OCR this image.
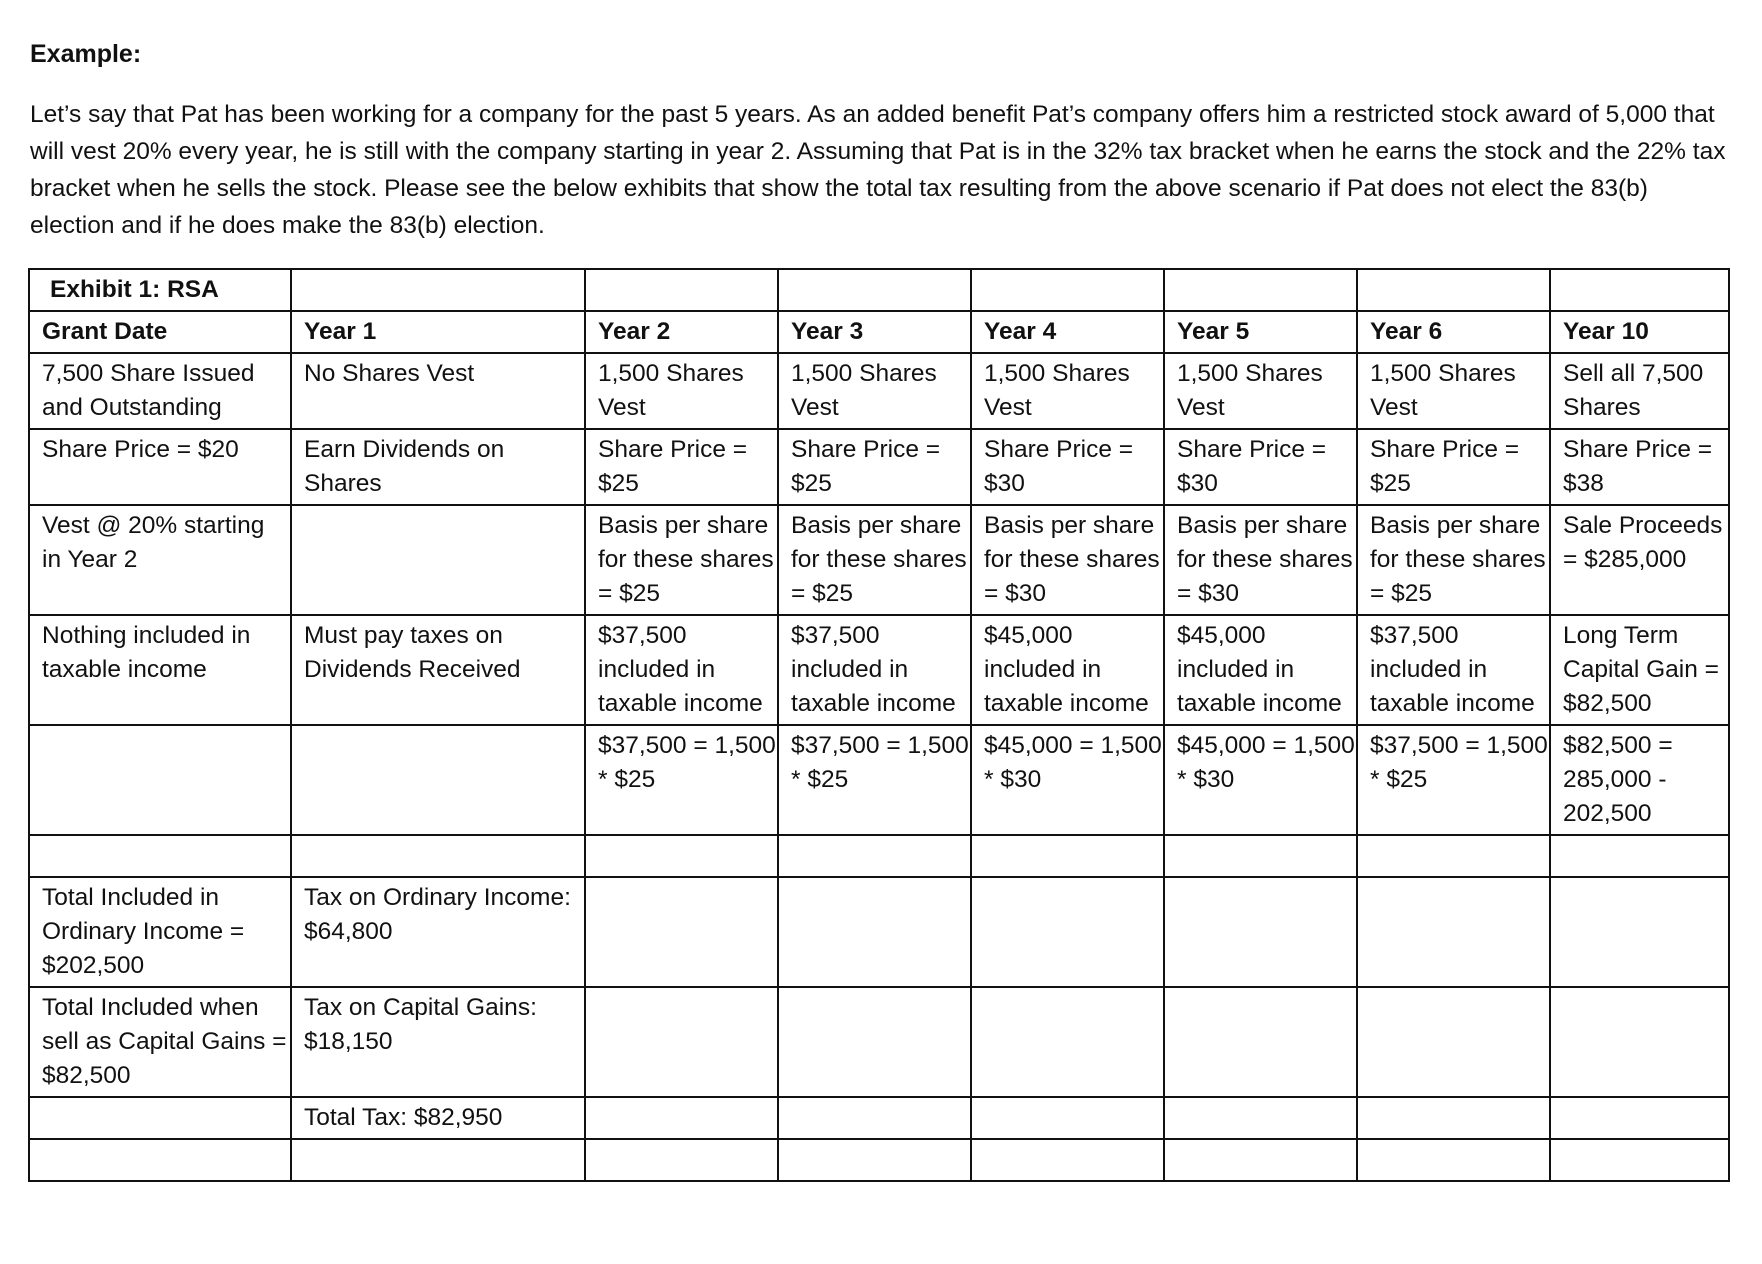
Example:

Let’s say that Pat has been working for a company for the past 5 years. As an added benefit Pat’s company offers him a restricted stock award of 5,000 that will vest 20% every year, he is still with the company starting in year 2. Assuming that Pat is in the 32% tax bracket when he earns the stock and the 22% tax bracket when he sells the stock. Please see the below exhibits that show the total tax resulting from the above scenario if Pat does not elect the 83(b) election and if he does make the 83(b) election.

Exhibit 1: RSA							
Grant Date	Year 1	Year 2	Year 3	Year 4	Year 5	Year 6	Year 10
7,500 Share Issued and Outstanding	No Shares Vest	1,500 Shares Vest	1,500 Shares Vest	1,500 Shares Vest	1,500 Shares Vest	1,500 Shares Vest	Sell all 7,500 Shares
Share Price = $20	Earn Dividends on Shares	Share Price = $25	Share Price = $25	Share Price = $30	Share Price = $30	Share Price = $25	Share Price = $38
Vest @ 20% starting in Year 2		Basis per share for these shares = $25	Basis per share for these shares = $25	Basis per share for these shares = $30	Basis per share for these shares = $30	Basis per share for these shares = $25	Sale Proceeds = $285,000
Nothing included in taxable income	Must pay taxes on Dividends Received	$37,500 included in taxable income	$37,500 included in taxable income	$45,000 included in taxable income	$45,000 included in taxable income	$37,500 included in taxable income	Long Term Capital Gain = $82,500
		$37,500 = 1,500 * $25	$37,500 = 1,500 * $25	$45,000 = 1,500 * $30	$45,000 = 1,500 * $30	$37,500 = 1,500 * $25	$82,500 = 285,000 - 202,500

Total Included in Ordinary Income = $202,500	Tax on Ordinary Income: $64,800						
Total Included when sell as Capital Gains = $82,500	Tax on Capital Gains: $18,150						
	Total Tax: $82,950						
